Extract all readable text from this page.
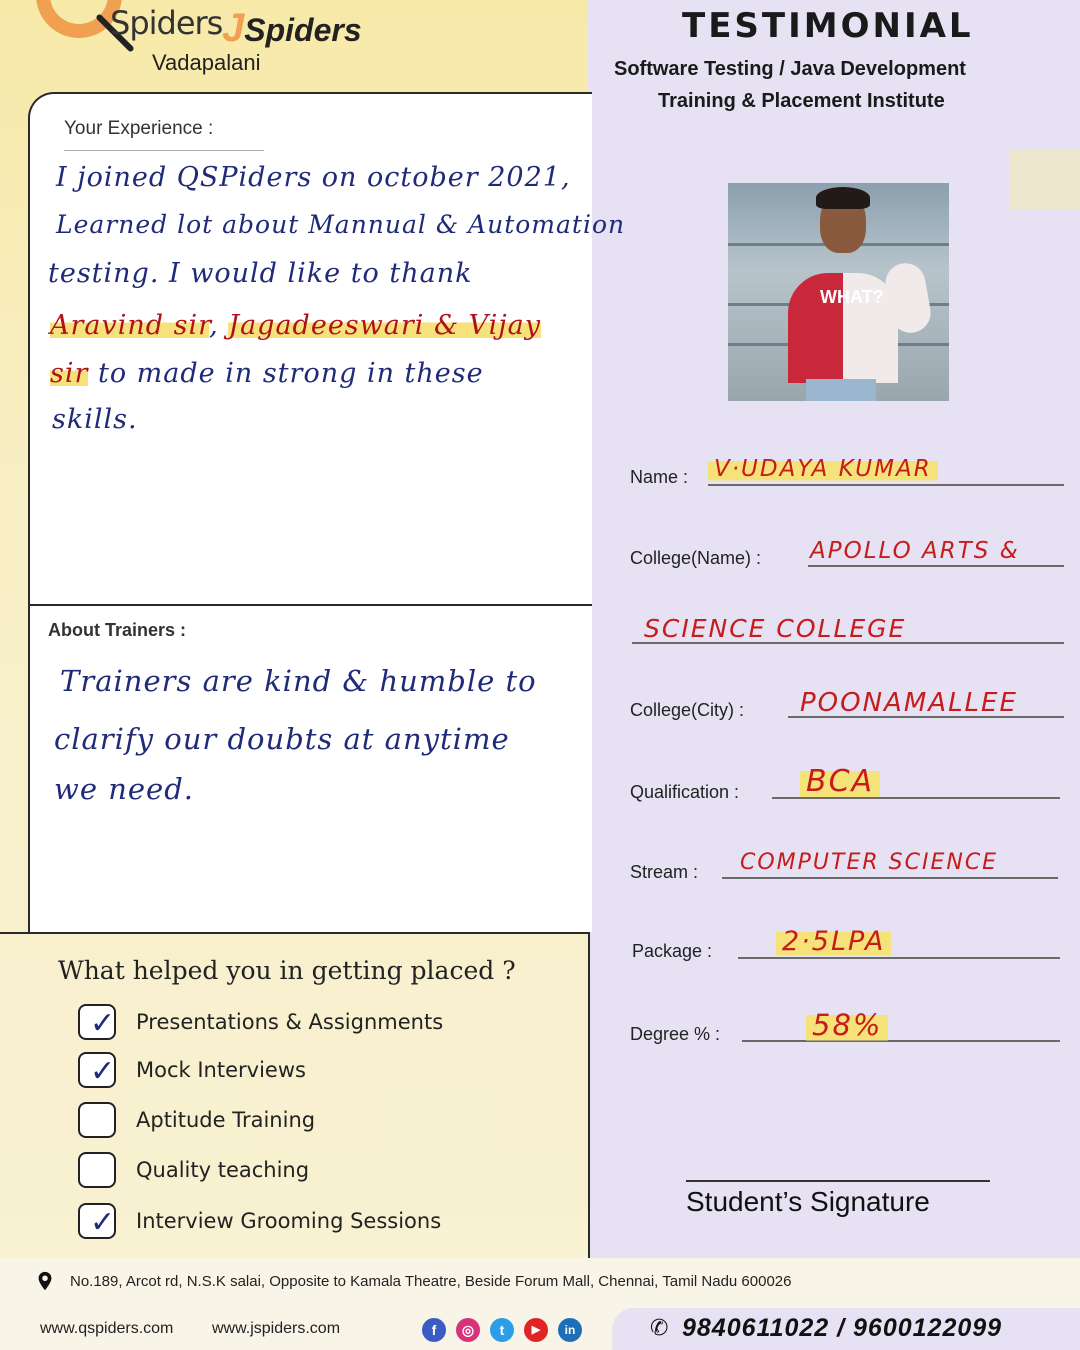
Spiders JSpiders
Vadapalani
Your Experience :
I joined QSPiders on october 2021,
Learned lot about Mannual & Automation
testing. I would like to thank
Aravind sir, Jagadeeswari & Vijay
sir to made in strong in these
skills.
About Trainers :
Trainers are kind & humble to
clarify our doubts at anytime
we need.
What helped you in getting placed ?
✓ Presentations & Assignments
✓ Mock Interviews
Aptitude Training
Quality teaching
✓ Interview Grooming Sessions
TESTIMONIAL
Software Testing / Java Development
Training & Placement Institute
WHAT?
Name : V·UDAYA KUMAR
College(Name) : APOLLO ARTS &
SCIENCE COLLEGE
College(City) : POONAMALLEE
Qualification : BCA
Stream : COMPUTER SCIENCE
Package :	2·5LPA
Degree % :	58%
Student’s Signature
No.189, Arcot rd, N.S.K salai, Opposite to Kamala Theatre, Beside Forum Mall, Chennai, Tamil Nadu 600026
www.qspiders.com www.jspiders.com	f	◎	t	▶	in	✆ 9840611022 / 9600122099
